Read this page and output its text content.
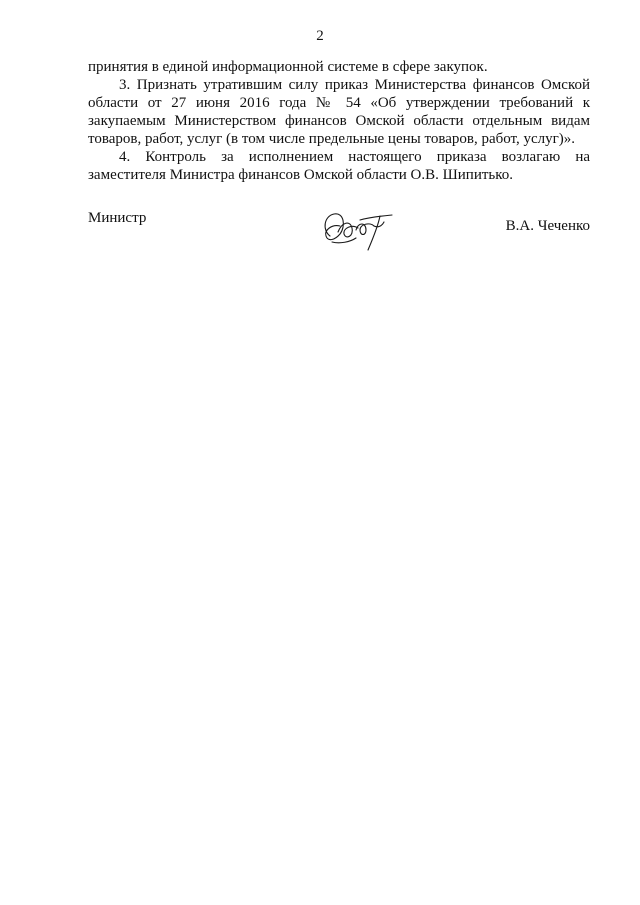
2

принятия в единой информационной системе в сфере закупок.

3. Признать утратившим силу приказ Министерства финансов Омской области от 27 июня 2016 года № 54 «Об утверждении требований к закупаемым Министерством финансов Омской области отдельным видам товаров, работ, услуг (в том числе предельные цены товаров, работ, услуг)».

4. Контроль за исполнением настоящего приказа возлагаю на заместителя Министра финансов Омской области О.В. Шипитько.

Министр	В.А. Чеченко
